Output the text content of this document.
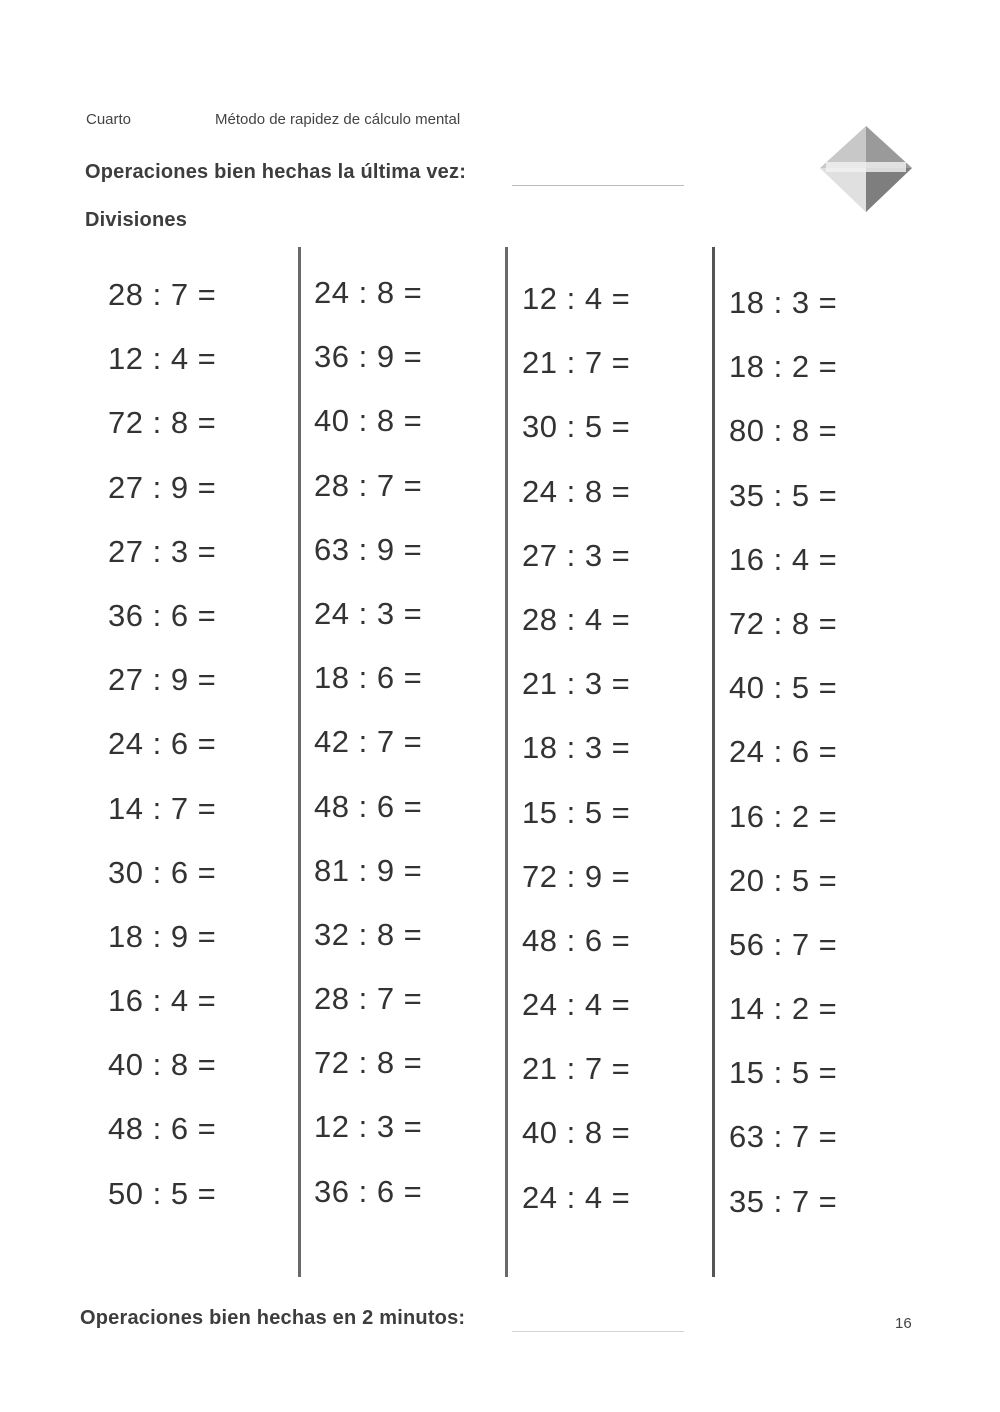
Cuarto	Método de rapidez de cálculo mental
Operaciones bien hechas la última vez:
Divisiones
28 : 7 =
12 : 4 =
72 : 8 =
27 : 9 =
27 : 3 =
36 : 6 =
27 : 9 =
24 : 6 =
14 : 7 =
30 : 6 =
18 : 9 =
16 : 4 =
40 : 8 =
48 : 6 =
50 : 5 =
24 : 8 =
36 : 9 =
40 : 8 =
28 : 7 =
63 : 9 =
24 : 3 =
18 : 6 =
42 : 7 =
48 : 6 =
81 : 9 =
32 : 8 =
28 : 7 =
72 : 8 =
12 : 3 =
36 : 6 =
12 : 4 =
21 : 7 =
30 : 5 =
24 : 8 =
27 : 3 =
28 : 4 =
21 : 3 =
18 : 3 =
15 : 5 =
72 : 9 =
48 : 6 =
24 : 4 =
21 : 7 =
40 : 8 =
24 : 4 =
18 : 3 =
18 : 2 =
80 : 8 =
35 : 5 =
16 : 4 =
72 : 8 =
40 : 5 =
24 : 6 =
16 : 2 =
20 : 5 =
56 : 7 =
14 : 2 =
15 : 5 =
63 : 7 =
35 : 7 =
Operaciones bien hechas en 2 minutos:	16
